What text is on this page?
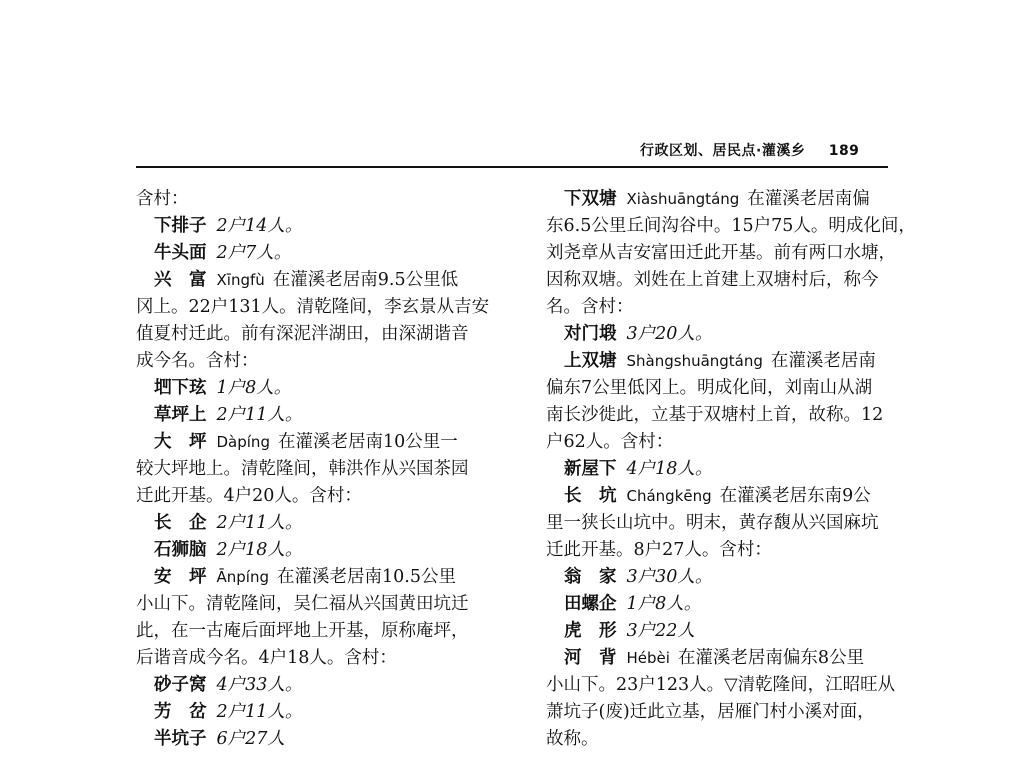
行政区划、居民点·灌溪乡 189
含村：
下排子 2户14人。
牛头面 2户7人。
兴　富 Xīngfù 在灌溪老居南9.5公里低
冈上。22户131人。清乾隆间，李玄景从吉安
值夏村迁此。前有深泥泮湖田，由深湖谐音
成今名。含村：
垇下玹 1户8人。
草坪上 2户11人。
大　坪 Dàpíng 在灌溪老居南10公里一
较大坪地上。清乾隆间，韩洪作从兴国茶园
迁此开基。4户20人。含村：
长　企 2户11人。
石狮脑 2户18人。
安　坪 Ānpíng 在灌溪老居南10.5公里
小山下。清乾隆间，吴仁福从兴国黄田坑迁
此，在一古庵后面坪地上开基，原称庵坪，
后谐音成今名。4户18人。含村：
砂子窝 4户33人。
艻　岔 2户11人。
半坑子 6户27人
下双塘 Xiàshuāngtáng 在灌溪老居南偏
东6.5公里丘间沟谷中。15户75人。明成化间，
刘尧章从吉安富田迁此开基。前有两口水塘，
因称双塘。刘姓在上首建上双塘村后，称今
名。含村：
对门塅 3户20人。
上双塘 Shàngshuāngtáng 在灌溪老居南
偏东7公里低冈上。明成化间，刘南山从湖
南长沙徙此，立基于双塘村上首，故称。12
户62人。含村：
新屋下 4户18人。
长　坑 Chángkēng 在灌溪老居东南9公
里一狭长山坑中。明末，黄存馥从兴国麻坑
迁此开基。8户27人。含村：
翁　家 3户30人。
田螺企 1户8人。
虎　形 3户22人
河　背 Hébèi 在灌溪老居南偏东8公里
小山下。23户123人。▽清乾隆间，江昭旺从
萧坑子(废)迁此立基，居雁门村小溪对面，
故称。
